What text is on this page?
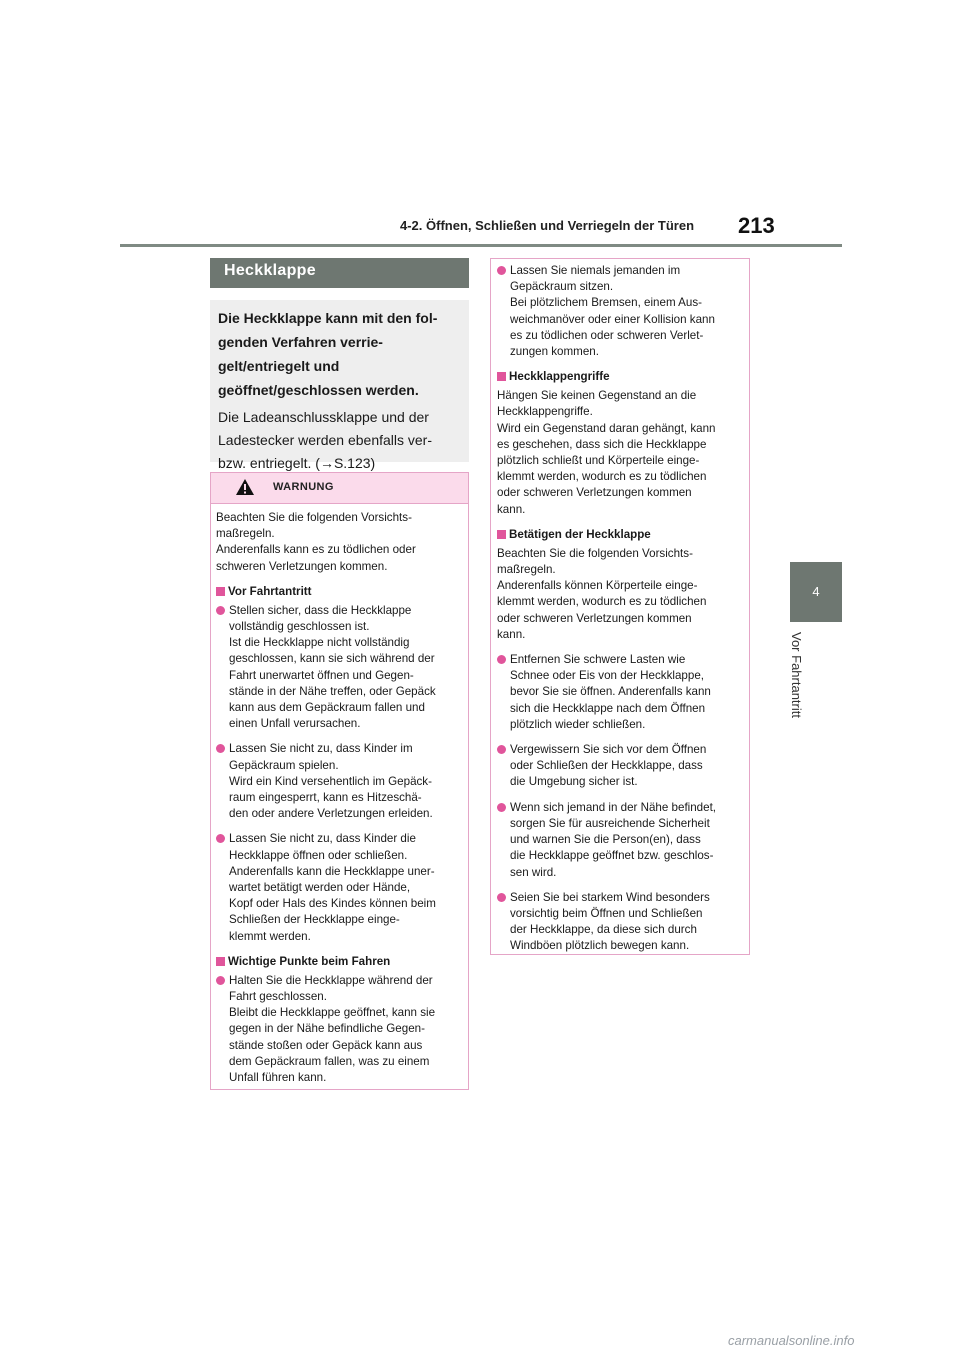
4-2. Öffnen, Schließen und Verriegeln der Türen 213
4
Vor Fahrtantritt
Heckklappe

Die Heckklappe kann mit den fol-
genden Verfahren verrie-
gelt/entriegelt und
geöffnet/geschlossen werden.

Die Ladeanschlussklappe und der
Ladestecker werden ebenfalls ver-
bzw. entriegelt. (→S.123)

WARNUNG

Beachten Sie die folgenden Vorsichts-
maßregeln.
Anderenfalls kann es zu tödlichen oder
schweren Verletzungen kommen.

Vor Fahrtantritt
Stellen sicher, dass die Heckklappe
vollständig geschlossen ist.
Ist die Heckklappe nicht vollständig
geschlossen, kann sie sich während der
Fahrt unerwartet öffnen und Gegen-
stände in der Nähe treffen, oder Gepäck
kann aus dem Gepäckraum fallen und
einen Unfall verursachen.
Lassen Sie nicht zu, dass Kinder im
Gepäckraum spielen.
Wird ein Kind versehentlich im Gepäck-
raum eingesperrt, kann es Hitzeschä-
den oder andere Verletzungen erleiden.
Lassen Sie nicht zu, dass Kinder die
Heckklappe öffnen oder schließen.
Anderenfalls kann die Heckklappe uner-
wartet betätigt werden oder Hände,
Kopf oder Hals des Kindes können beim
Schließen der Heckklappe einge-
klemmt werden.
Wichtige Punkte beim Fahren
Halten Sie die Heckklappe während der
Fahrt geschlossen.
Bleibt die Heckklappe geöffnet, kann sie
gegen in der Nähe befindliche Gegen-
stände stoßen oder Gepäck kann aus
dem Gepäckraum fallen, was zu einem
Unfall führen kann.
Lassen Sie niemals jemanden im
Gepäckraum sitzen.
Bei plötzlichem Bremsen, einem Aus-
weichmanöver oder einer Kollision kann
es zu tödlichen oder schweren Verlet-
zungen kommen.
Heckklappengriffe

Hängen Sie keinen Gegenstand an die
Heckklappengriffe.
Wird ein Gegenstand daran gehängt, kann
es geschehen, dass sich die Heckklappe
plötzlich schließt und Körperteile einge-
klemmt werden, wodurch es zu tödlichen
oder schweren Verletzungen kommen
kann.

Betätigen der Heckklappe

Beachten Sie die folgenden Vorsichts-
maßregeln.
Anderenfalls können Körperteile einge-
klemmt werden, wodurch es zu tödlichen
oder schweren Verletzungen kommen
kann.

Entfernen Sie schwere Lasten wie
Schnee oder Eis von der Heckklappe,
bevor Sie sie öffnen. Anderenfalls kann
sich die Heckklappe nach dem Öffnen
plötzlich wieder schließen.
Vergewissern Sie sich vor dem Öffnen
oder Schließen der Heckklappe, dass
die Umgebung sicher ist.
Wenn sich jemand in der Nähe befindet,
sorgen Sie für ausreichende Sicherheit
und warnen Sie die Person(en), dass
die Heckklappe geöffnet bzw. geschlos-
sen wird.
Seien Sie bei starkem Wind besonders
vorsichtig beim Öffnen und Schließen
der Heckklappe, da diese sich durch
Windböen plötzlich bewegen kann.
carmanualsonline.info
